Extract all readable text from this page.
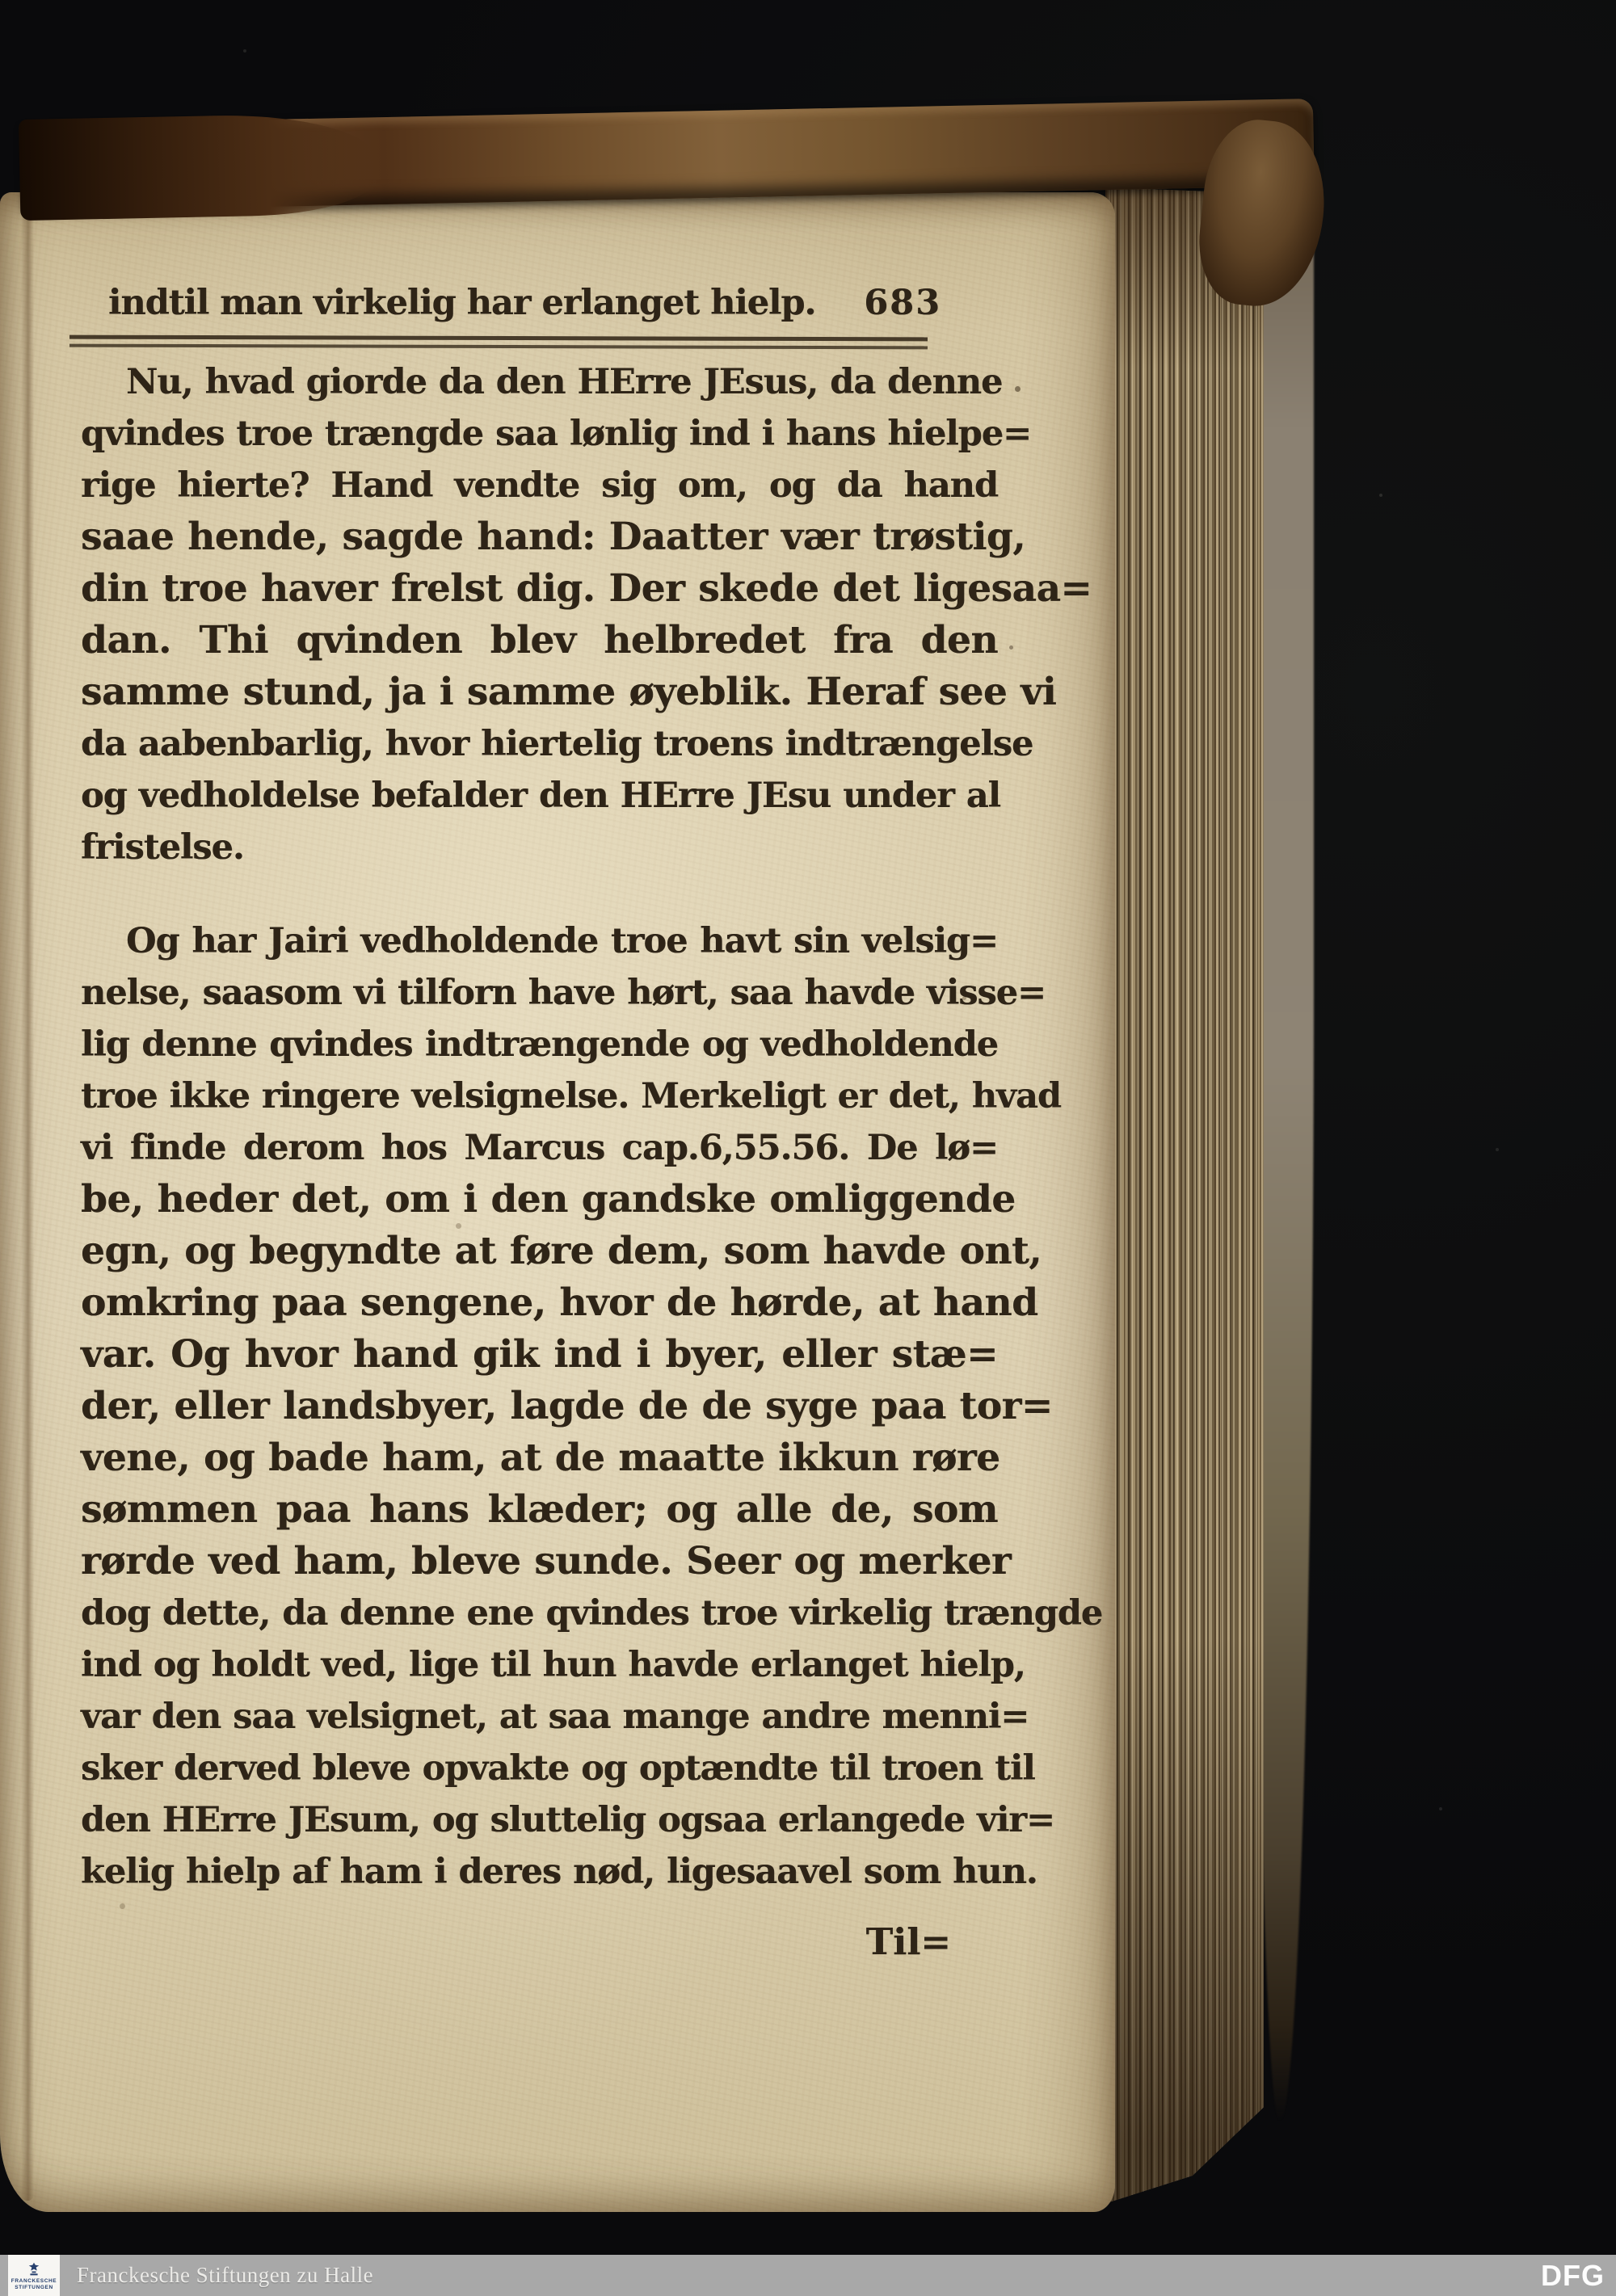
indtil man virkelig har erlanget hielp. 683
Nu, hvad giorde da den HErre JEsus, da denne
qvindes troe trængde saa lønlig ind i hans hielpe=
rige hierte? Hand vendte sig om, og da hand
saae hende, sagde hand: Daatter vær trøstig,
din troe haver frelst dig. Der skede det ligesaa=
dan. Thi qvinden blev helbredet fra den
samme stund, ja i samme øyeblik. Heraf see vi
da aabenbarlig, hvor hiertelig troens indtrængelse
og vedholdelse befalder den HErre JEsu under al
fristelse.
Og har Jairi vedholdende troe havt sin velsig=
nelse, saasom vi tilforn have hørt, saa havde visse=
lig denne qvindes indtrængende og vedholdende
troe ikke ringere velsignelse. Merkeligt er det, hvad
vi finde derom hos Marcus cap.6,55.56. De lø=
be, heder det, om i den gandske omliggende
egn, og begyndte at føre dem, som havde ont,
omkring paa sengene, hvor de hørde, at hand
var. Og hvor hand gik ind i byer, eller stæ=
der, eller landsbyer, lagde de de syge paa tor=
vene, og bade ham, at de maatte ikkun røre
sømmen paa hans klæder; og alle de, som
rørde ved ham, bleve sunde. Seer og merker
dog dette, da denne ene qvindes troe virkelig trængde
ind og holdt ved, lige til hun havde erlanget hielp,
var den saa velsignet, at saa mange andre menni=
sker derved bleve opvakte og optændte til troen til
den HErre JEsum, og sluttelig ogsaa erlangede vir=
kelig hielp af ham i deres nød, ligesaavel som hun.
Til=
FRANCKESCHE
STIFTUNGEN Franckesche Stiftungen zu Halle	DFG
